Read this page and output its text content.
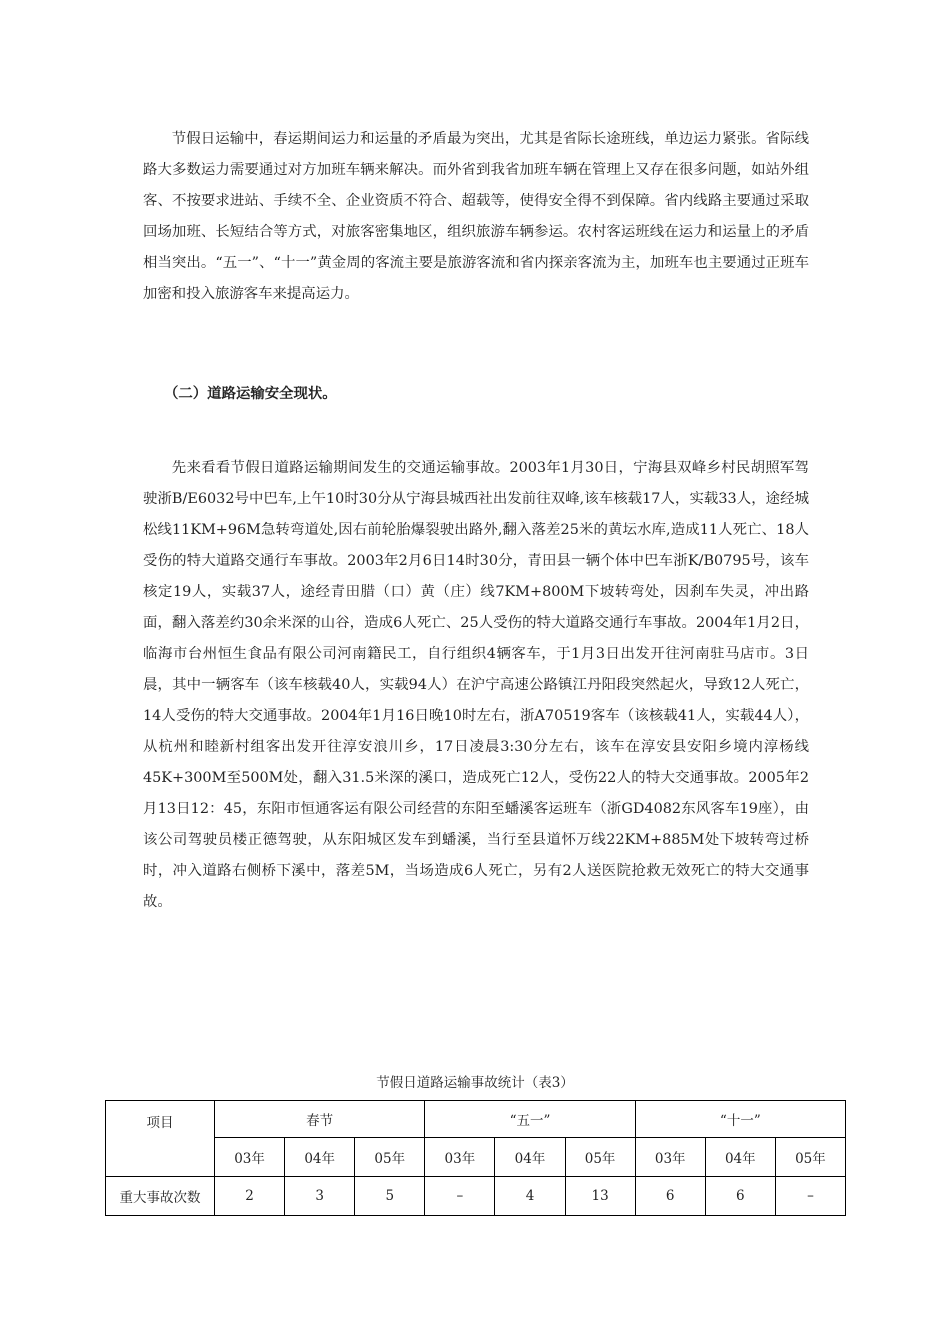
节假日运输中，春运期间运力和运量的矛盾最为突出，尤其是省际长途班线，单边运力紧张。省际线路大多数运力需要通过对方加班车辆来解决。而外省到我省加班车辆在管理上又存在很多问题，如站外组客、不按要求进站、手续不全、企业资质不符合、超载等，使得安全得不到保障。省内线路主要通过采取回场加班、长短结合等方式，对旅客密集地区，组织旅游车辆参运。农村客运班线在运力和运量上的矛盾相当突出。“五一”、“十一”黄金周的客流主要是旅游客流和省内探亲客流为主，加班车也主要通过正班车加密和投入旅游客车来提高运力。

（二）道路运输安全现状。

先来看看节假日道路运输期间发生的交通运输事故。2003年1月30日，宁海县双峰乡村民胡照军驾驶浙B/E6032号中巴车,上午10时30分从宁海县城西社出发前往双峰,该车核载17人，实载33人，途经城松线11KM+96M急转弯道处,因右前轮胎爆裂驶出路外,翻入落差25米的黄坛水库,造成11人死亡、18人受伤的特大道路交通行车事故。2003年2月6日14时30分，青田县一辆个体中巴车浙K/B0795号，该车核定19人，实载37人，途经青田腊（口）黄（庄）线7KM+800M下坡转弯处，因刹车失灵，冲出路面，翻入落差约30余米深的山谷，造成6人死亡、25人受伤的特大道路交通行车事故。2004年1月2日，临海市台州恒生食品有限公司河南籍民工，自行组织4辆客车，于1月3日出发开往河南驻马店市。3日晨，其中一辆客车（该车核载40人，实载94人）在沪宁高速公路镇江丹阳段突然起火，导致12人死亡，14人受伤的特大交通事故。2004年1月16日晚10时左右，浙A70519客车（该核载41人，实载44人），从杭州和睦新村组客出发开往淳安浪川乡，17日凌晨3:30分左右，该车在淳安县安阳乡境内淳杨线45K+300M至500M处，翻入31.5米深的溪口，造成死亡12人，受伤22人的特大交通事故。2005年2月13日12：45，东阳市恒通客运有限公司经营的东阳至蟠溪客运班车（浙GD4082东风客车19座），由该公司驾驶员楼正德驾驶，从东阳城区发车到蟠溪，当行至县道怀万线22KM+885M处下坡转弯过桥时，冲入道路右侧桥下溪中，落差5M，当场造成6人死亡，另有2人送医院抢救无效死亡的特大交通事故。

节假日道路运输事故统计（表3）

项目	春节			“五一”			“十一”		
	03年	04年	05年	03年	04年	05年	03年	04年	05年
重大事故次数	2	3	5	–	4	13	6	6	–
